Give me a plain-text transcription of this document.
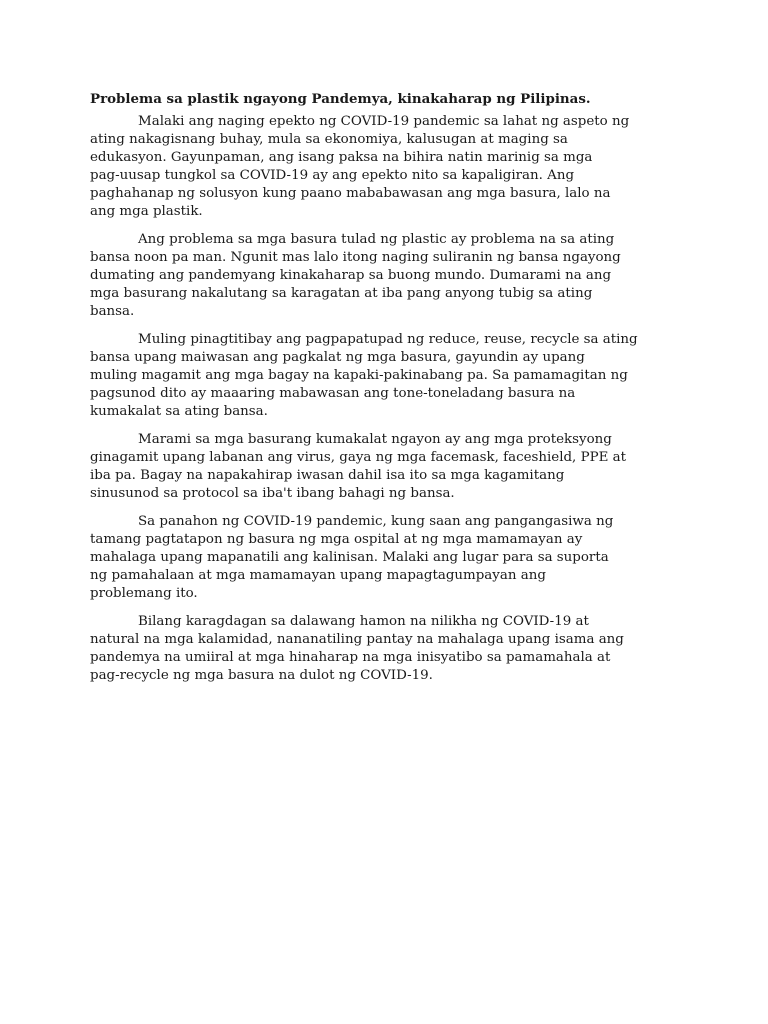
Problema sa plastik ngayong Pandemya, kinakaharap ng Pilipinas.
Malaki ang naging epekto ng COVID-19 pandemic sa lahat ng aspeto ng
ating nakagisnang buhay, mula sa ekonomiya, kalusugan at maging sa
edukasyon. Gayunpaman, ang isang paksa na bihira natin marinig sa mga
pag-uusap tungkol sa COVID-19 ay ang epekto nito sa kapaligiran. Ang
paghahanap ng solusyon kung paano mababawasan ang mga basura, lalo na
ang mga plastik.
Ang problema sa mga basura tulad ng plastic ay problema na sa ating
bansa noon pa man. Ngunit mas lalo itong naging suliranin ng bansa ngayong
dumating ang pandemyang kinakaharap sa buong mundo. Dumarami na ang
mga basurang nakalutang sa karagatan at iba pang anyong tubig sa ating
bansa.
Muling pinagtitibay ang pagpapatupad ng reduce, reuse, recycle sa ating
bansa upang maiwasan ang pagkalat ng mga basura, gayundin ay upang
muling magamit ang mga bagay na kapaki-pakinabang pa. Sa pamamagitan ng
pagsunod dito ay maaaring mabawasan ang tone-toneladang basura na
kumakalat sa ating bansa.
Marami sa mga basurang kumakalat ngayon ay ang mga proteksyong
ginagamit upang labanan ang virus, gaya ng mga facemask, faceshield, PPE at
iba pa. Bagay na napakahirap iwasan dahil isa ito sa mga kagamitang
sinusunod sa protocol sa iba't ibang bahagi ng bansa.
Sa panahon ng COVID-19 pandemic, kung saan ang pangangasiwa ng
tamang pagtatapon ng basura ng mga ospital at ng mga mamamayan ay
mahalaga upang mapanatili ang kalinisan. Malaki ang lugar para sa suporta
ng pamahalaan at mga mamamayan upang mapagtagumpayan ang
problemang ito.
Bilang karagdagan sa dalawang hamon na nilikha ng COVID-19 at
natural na mga kalamidad, nananatiling pantay na mahalaga upang isama ang
pandemya na umiiral at mga hinaharap na mga inisyatibo sa pamamahala at
pag-recycle ng mga basura na dulot ng COVID-19.
